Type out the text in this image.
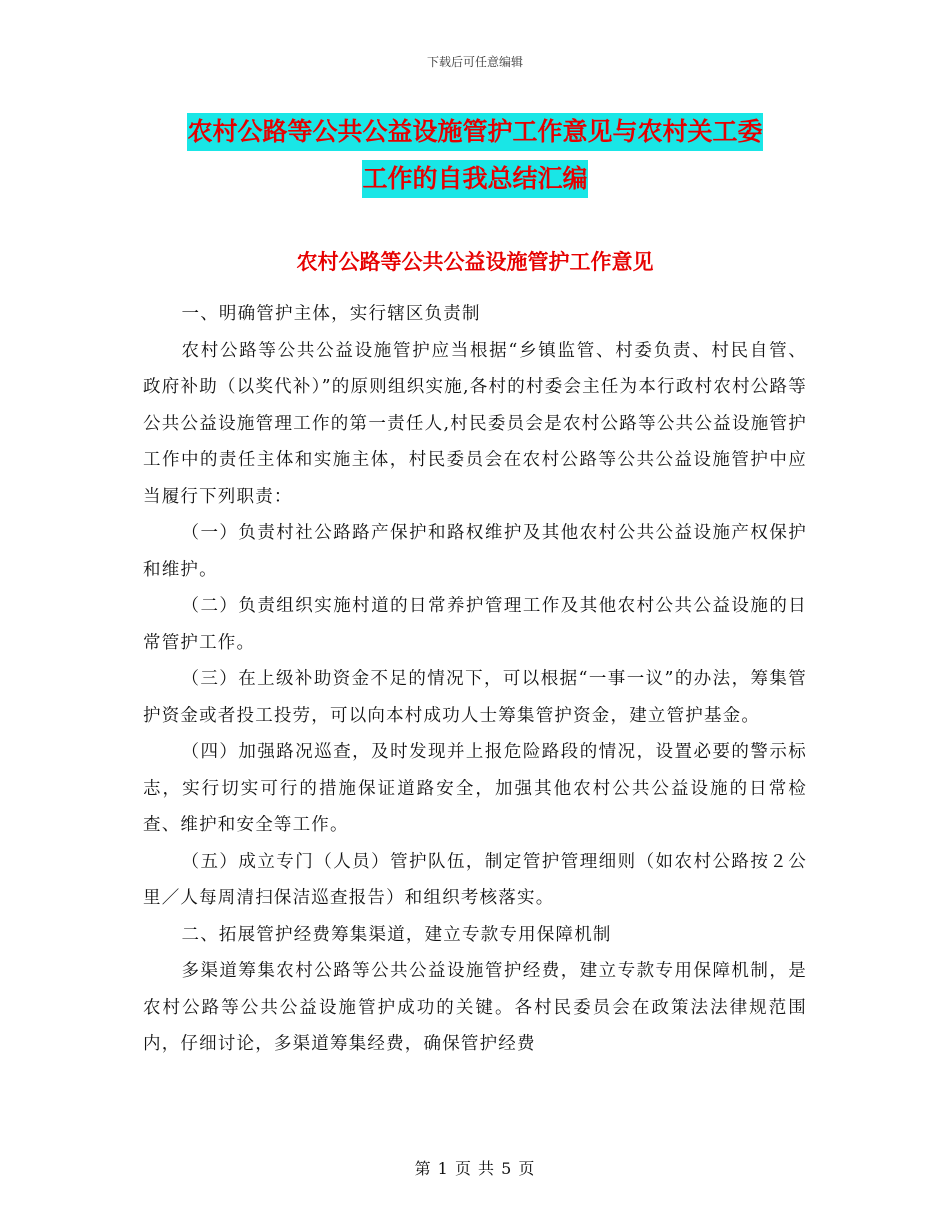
下载后可任意编辑
农村公路等公共公益设施管护工作意见与农村关工委
工作的自我总结汇编
农村公路等公共公益设施管护工作意见

一、明确管护主体，实行辖区负责制

农村公路等公共公益设施管护应当根据“乡镇监管、村委负责、村民自管、政府补助（以奖代补）”的原则组织实施,各村的村委会主任为本行政村农村公路等公共公益设施管理工作的第一责任人,村民委员会是农村公路等公共公益设施管护工作中的责任主体和实施主体，村民委员会在农村公路等公共公益设施管护中应当履行下列职责：

（一）负责村社公路路产保护和路权维护及其他农村公共公益设施产权保护和维护。

（二）负责组织实施村道的日常养护管理工作及其他农村公共公益设施的日常管护工作。

（三）在上级补助资金不足的情况下，可以根据“一事一议”的办法，筹集管护资金或者投工投劳，可以向本村成功人士筹集管护资金，建立管护基金。

（四）加强路况巡查，及时发现并上报危险路段的情况，设置必要的警示标志，实行切实可行的措施保证道路安全，加强其他农村公共公益设施的日常检查、维护和安全等工作。

（五）成立专门（人员）管护队伍，制定管护管理细则（如农村公路按２公里／人每周清扫保洁巡查报告）和组织考核落实。

二、拓展管护经费筹集渠道，建立专款专用保障机制

多渠道筹集农村公路等公共公益设施管护经费，建立专款专用保障机制，是农村公路等公共公益设施管护成功的关键。各村民委员会在政策法法律规范围内，仔细讨论，多渠道筹集经费，确保管护经费

第 1 页 共 5 页
